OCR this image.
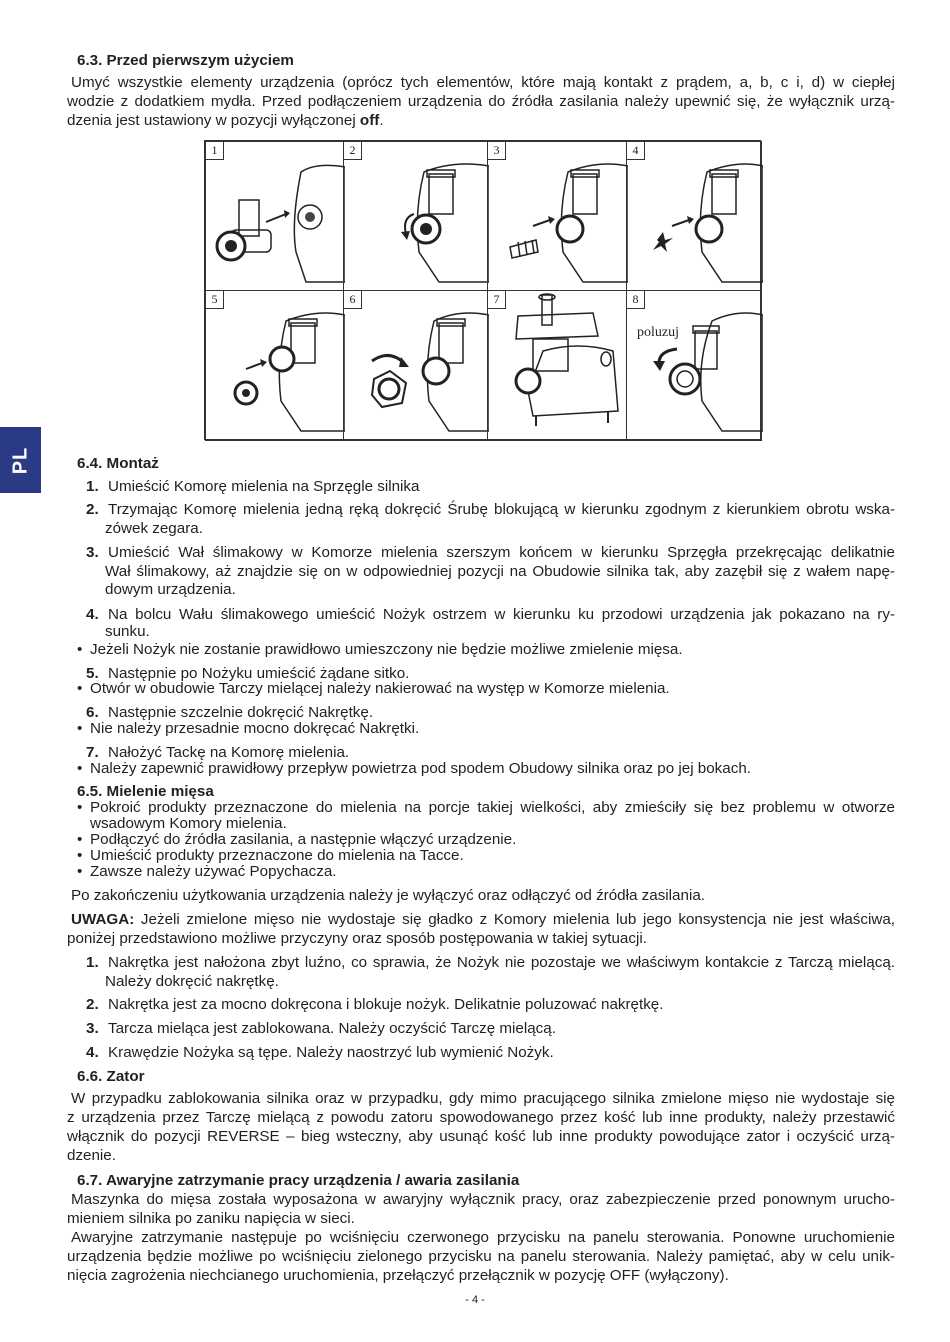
PL
6.3. Przed pierwszym użyciem
Umyć wszystkie elementy urządzenia (oprócz tych elementów, które mają kontakt z prądem, a, b, c i, d) w ciepłej
wodzie z dodatkiem mydła. Przed podłączeniem urządzenia do źródła zasilania należy upewnić się, że wyłącznik urzą-
dzenia jest ustawiony w pozycji wyłączonej off.
1	2	3	4
5	6	7	8
poluzuj
6.4. Montaż
1. Umieścić Komorę mielenia na Sprzęgle silnika
2. Trzymając Komorę mielenia jedną ręką dokręcić Śrubę blokującą w kierunku zgodnym z kierunkiem obrotu wska-
zówek zegara.
3. Umieścić Wał ślimakowy w Komorze mielenia szerszym końcem w kierunku Sprzęgła przekręcając delikatnie
Wał ślimakowy, aż znajdzie się on w odpowiedniej pozycji na Obudowie silnika tak, aby zazębił się z wałem napę-
dowym urządzenia.
4. Na bolcu Wału ślimakowego umieścić Nożyk ostrzem w kierunku ku przodowi urządzenia jak pokazano na ry-
sunku.
• Jeżeli Nożyk nie zostanie prawidłowo umieszczony nie będzie możliwe zmielenie mięsa.
5. Następnie po Nożyku umieścić żądane sitko.
• Otwór w obudowie Tarczy mielącej należy nakierować na występ w Komorze mielenia.
6. Następnie szczelnie dokręcić Nakrętkę.
• Nie należy przesadnie mocno dokręcać Nakrętki.
7. Nałożyć Tackę na Komorę mielenia.
• Należy zapewnić prawidłowy przepływ powietrza pod spodem Obudowy silnika oraz po jej bokach.
6.5. Mielenie mięsa
• Pokroić produkty przeznaczone do mielenia na porcje takiej wielkości, aby zmieściły się bez problemu w otworze
wsadowym Komory mielenia.
• Podłączyć do źródła zasilania, a następnie włączyć urządzenie.
• Umieścić produkty przeznaczone do mielenia na Tacce.
• Zawsze należy używać Popychacza.
Po zakończeniu użytkowania urządzenia należy je wyłączyć oraz odłączyć od źródła zasilania.
UWAGA: Jeżeli zmielone mięso nie wydostaje się gładko z Komory mielenia lub jego konsystencja nie jest właściwa,
poniżej przedstawiono możliwe przyczyny oraz sposób postępowania w takiej sytuacji.
1. Nakrętka jest nałożona zbyt luźno, co sprawia, że Nożyk nie pozostaje we właściwym kontakcie z Tarczą mielącą.
Należy dokręcić nakrętkę.
2. Nakrętka jest za mocno dokręcona i blokuje nożyk. Delikatnie poluzować nakrętkę.
3. Tarcza mieląca jest zablokowana. Należy oczyścić Tarczę mielącą.
4. Krawędzie Nożyka są tępe. Należy naostrzyć lub wymienić Nożyk.
6.6. Zator
W przypadku zablokowania silnika oraz w przypadku, gdy mimo pracującego silnika zmielone mięso nie wydostaje się
z urządzenia przez Tarczę mielącą z powodu zatoru spowodowanego przez kość lub inne produkty, należy przestawić
włącznik do pozycji REVERSE – bieg wsteczny, aby usunąć kość lub inne produkty powodujące zator i oczyścić urzą-
dzenie.
6.7. Awaryjne zatrzymanie pracy urządzenia / awaria zasilania
Maszynka do mięsa została wyposażona w awaryjny wyłącznik pracy, oraz zabezpieczenie przed ponownym urucho-
mieniem silnika po zaniku napięcia w sieci.
Awaryjne zatrzymanie następuje po wciśnięciu czerwonego przycisku na panelu sterowania. Ponowne uruchomienie
urządzenia będzie możliwe po wciśnięciu zielonego przycisku na panelu sterowania. Należy pamiętać, aby w celu unik-
nięcia zagrożenia niechcianego uruchomienia, przełączyć przełącznik w pozycję OFF (wyłączony).
- 4 -
